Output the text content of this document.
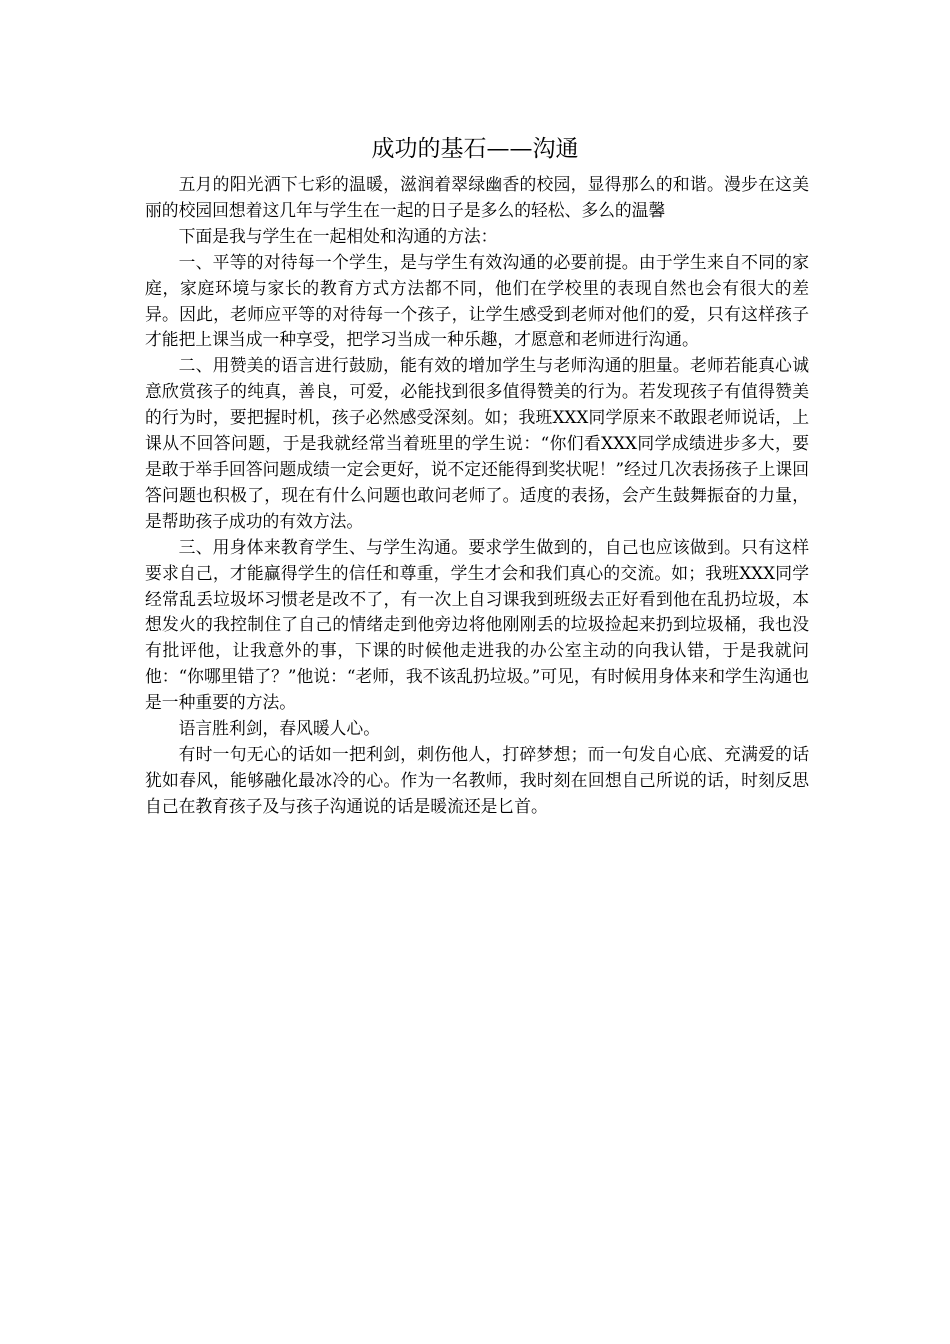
成功的基石——沟通

五月的阳光洒下七彩的温暖，滋润着翠绿幽香的校园，显得那么的和谐。漫步在这美丽的校园回想着这几年与学生在一起的日子是多么的轻松、多么的温馨

下面是我与学生在一起相处和沟通的方法：

一、平等的对待每一个学生，是与学生有效沟通的必要前提。由于学生来自不同的家庭，家庭环境与家长的教育方式方法都不同，他们在学校里的表现自然也会有很大的差异。因此，老师应平等的对待每一个孩子，让学生感受到老师对他们的爱，只有这样孩子才能把上课当成一种享受，把学习当成一种乐趣，才愿意和老师进行沟通。

二、用赞美的语言进行鼓励，能有效的增加学生与老师沟通的胆量。老师若能真心诚意欣赏孩子的纯真，善良，可爱，必能找到很多值得赞美的行为。若发现孩子有值得赞美的行为时，要把握时机，孩子必然感受深刻。如；我班XXX同学原来不敢跟老师说话，上课从不回答问题，于是我就经常当着班里的学生说：“你们看XXX同学成绩进步多大，要是敢于举手回答问题成绩一定会更好，说不定还能得到奖状呢！”经过几次表扬孩子上课回答问题也积极了，现在有什么问题也敢问老师了。适度的表扬，会产生鼓舞振奋的力量，是帮助孩子成功的有效方法。

三、用身体来教育学生、与学生沟通。要求学生做到的，自己也应该做到。只有这样要求自己，才能赢得学生的信任和尊重，学生才会和我们真心的交流。如；我班XXX同学经常乱丢垃圾坏习惯老是改不了，有一次上自习课我到班级去正好看到他在乱扔垃圾，本想发火的我控制住了自己的情绪走到他旁边将他刚刚丢的垃圾捡起来扔到垃圾桶，我也没有批评他，让我意外的事，下课的时候他走进我的办公室主动的向我认错，于是我就问他：“你哪里错了？”他说：“老师，我不该乱扔垃圾。”可见，有时候用身体来和学生沟通也是一种重要的方法。

语言胜利剑，春风暖人心。

有时一句无心的话如一把利剑，刺伤他人，打碎梦想；而一句发自心底、充满爱的话犹如春风，能够融化最冰冷的心。作为一名教师，我时刻在回想自己所说的话，时刻反思自己在教育孩子及与孩子沟通说的话是暖流还是匕首。
